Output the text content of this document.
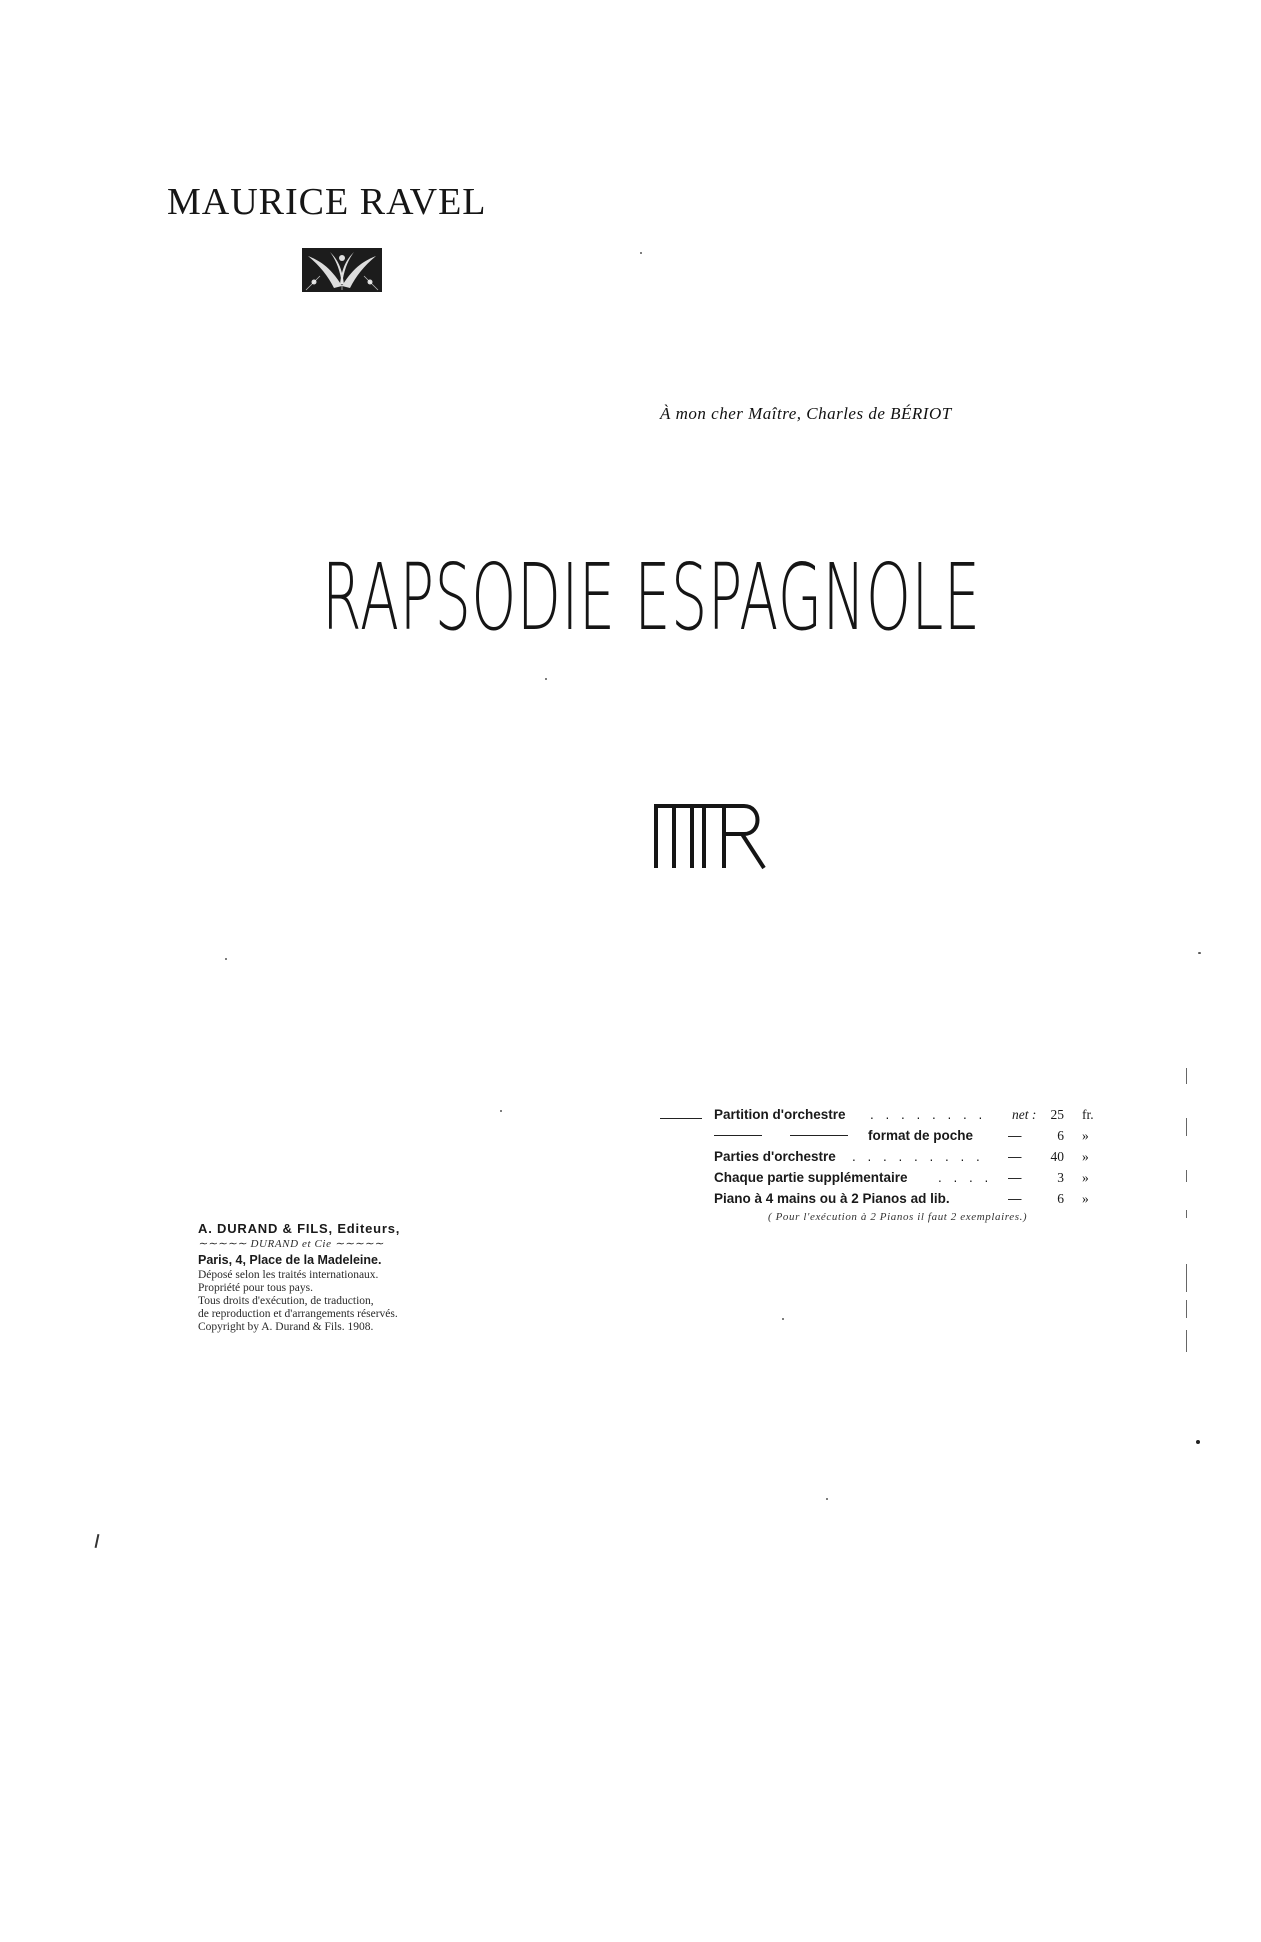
MAURICE RAVEL
À mon cher Maître, Charles de BÉRIOT
RAPSODIE ESPAGNOLE
Partition d'orchestre . . . . . . . . net : 25 fr.
format de poche	—	6 »
Parties d'orchestre . . . . . . . . . — 40 »
Chaque partie supplémentaire . . . . —	3 »
Piano à 4 mains ou à 2 Pianos ad lib.	—	6 »
( Pour l'exécution à 2 Pianos il faut 2 exemplaires.)
A. DURAND & FILS, Editeurs,
∼∼∼∼∼ DURAND et Cie ∼∼∼∼∼
Paris, 4, Place de la Madeleine.
Déposé selon les traités internationaux.
Propriété pour tous pays.
Tous droits d'exécution, de traduction,
de reproduction et d'arrangements réservés.
Copyright by A. Durand & Fils. 1908.
